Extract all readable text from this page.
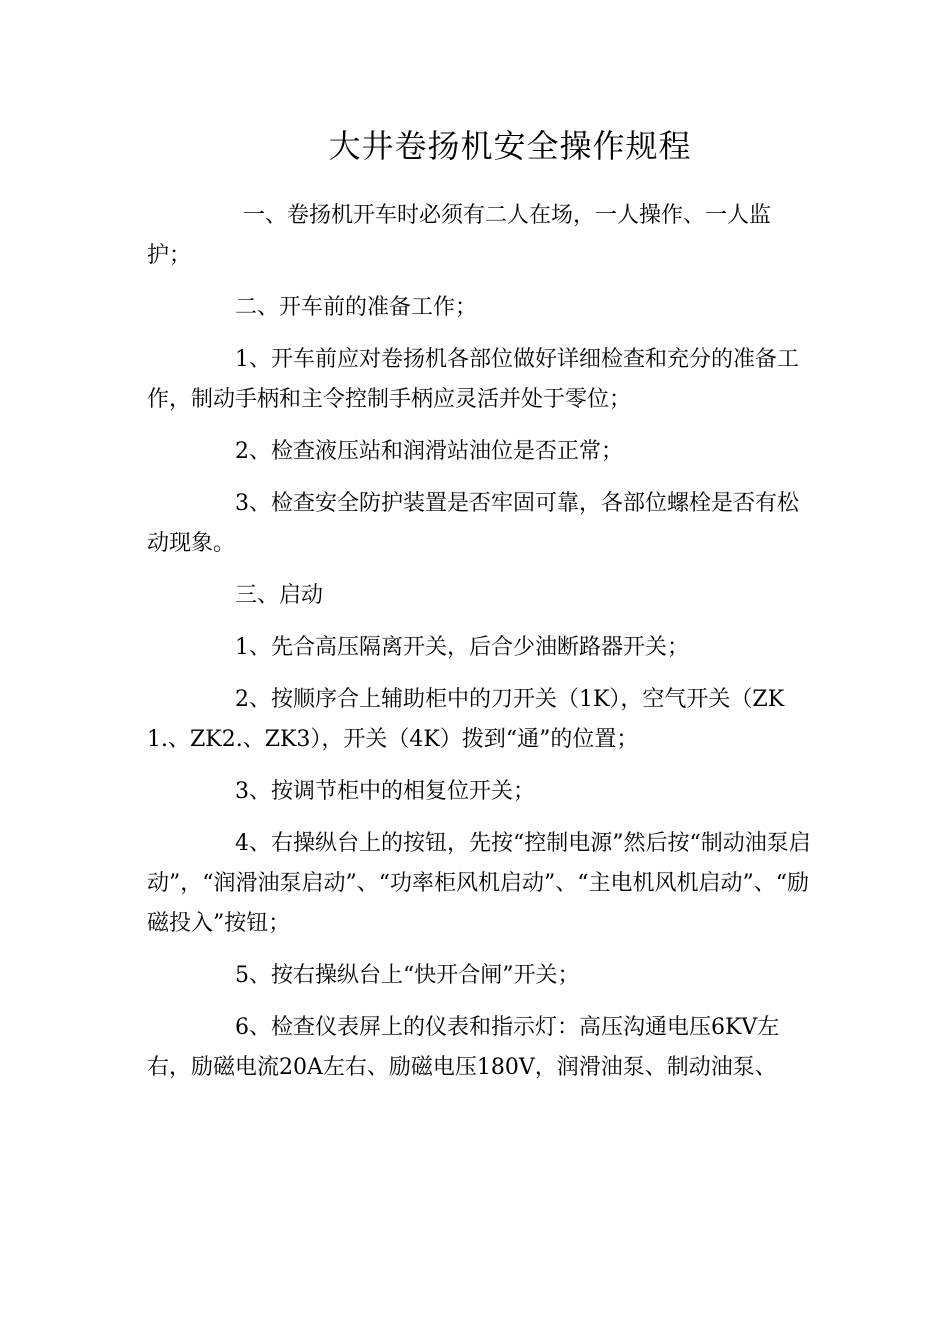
大井卷扬机安全操作规程

一、卷扬机开车时必须有二人在场，一人操作、一人监护；

二、开车前的准备工作；

1、开车前应对卷扬机各部位做好详细检查和充分的准备工作，制动手柄和主令控制手柄应灵活并处于零位；

2、检查液压站和润滑站油位是否正常；

3、检查安全防护装置是否牢固可靠，各部位螺栓是否有松动现象。

三、启动

1、先合高压隔离开关，后合少油断路器开关；

2、按顺序合上辅助柜中的刀开关（1K），空气开关（ZK1.、ZK2.、ZK3），开关（4K）拨到“通”的位置；

3、按调节柜中的相复位开关；

4、右操纵台上的按钮，先按“控制电源”然后按“制动油泵启动”，“润滑油泵启动”、“功率柜风机启动”、“主电机风机启动”、“励磁投入”按钮；

5、按右操纵台上“快开合闸”开关；

6、检查仪表屏上的仪表和指示灯：高压沟通电压6KV左右，励磁电流20A左右、励磁电压180V，润滑油泵、制动油泵、
